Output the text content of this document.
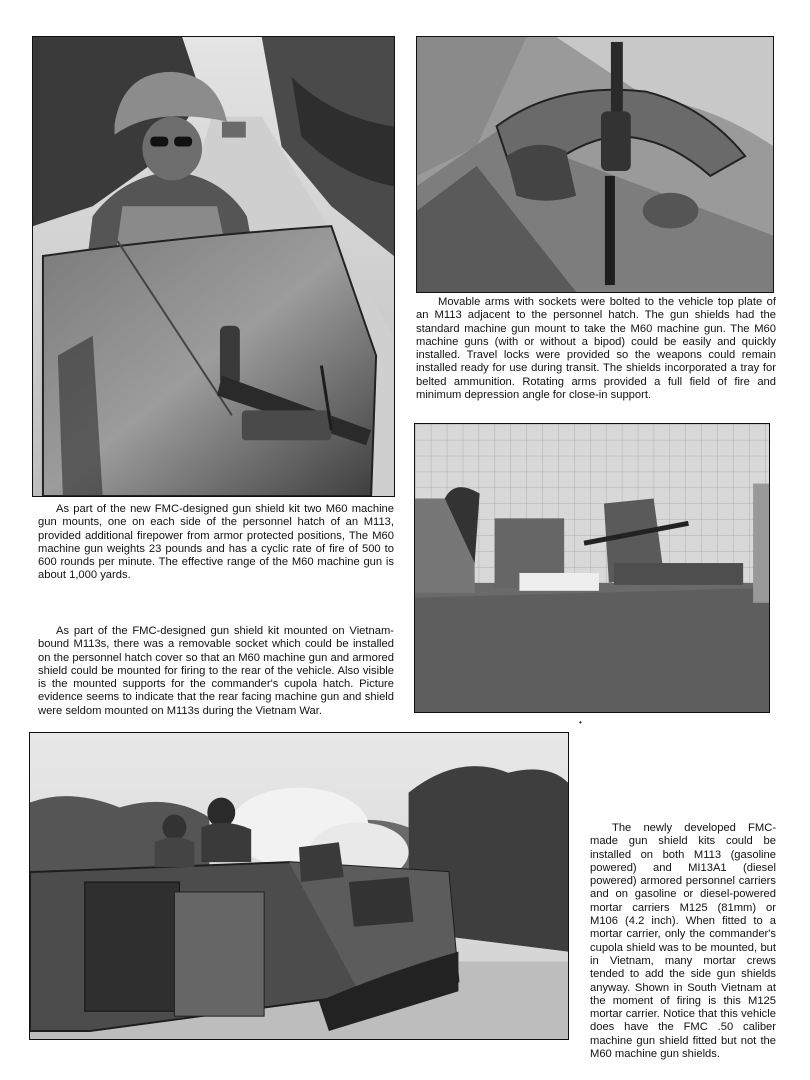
Movable arms with sockets were bolted to the vehicle top plate of an M113 adjacent to the personnel hatch. The gun shields had the standard machine gun mount to take the M60 machine gun. The M60 machine guns (with or without a bipod) could be easily and quickly installed. Travel locks were provided so the weapons could remain installed ready for use during transit. The shields incorporated a tray for belted ammunition. Rotating arms provided a full field of fire and minimum depression angle for close-in support.

As part of the new FMC-designed gun shield kit two M60 machine gun mounts, one on each side of the personnel hatch of an M113, provided additional firepower from armor protected positions, The M60 machine gun weights 23 pounds and has a cyclic rate of fire of 500 to 600 rounds per minute. The effective range of the M60 machine gun is about 1,000 yards.

As part of the FMC-designed gun shield kit mounted on Vietnam-bound M113s, there was a removable socket which could be installed on the personnel hatch cover so that an M60 machine gun and armored shield could be mounted for firing to the rear of the vehicle. Also visible is the mounted supports for the commander's cupola hatch. Picture evidence seems to indicate that the rear facing machine gun and shield were seldom mounted on M113s during the Vietnam War.

•

The newly developed FMC-made gun shield kits could be installed on both M113 (gasoline powered) and MI13A1 (diesel powered) armored personnel carriers and on gasoline or diesel-powered mortar carriers M125 (81mm) or M106 (4.2 inch). When fitted to a mortar carrier, only the commander's cupola shield was to be mounted, but in Vietnam, many mortar crews tended to add the side gun shields anyway. Shown in South Vietnam at the moment of firing is this M125 mortar carrier. Notice that this vehicle does have the FMC .50 caliber machine gun shield fitted but not the M60 machine gun shields.
